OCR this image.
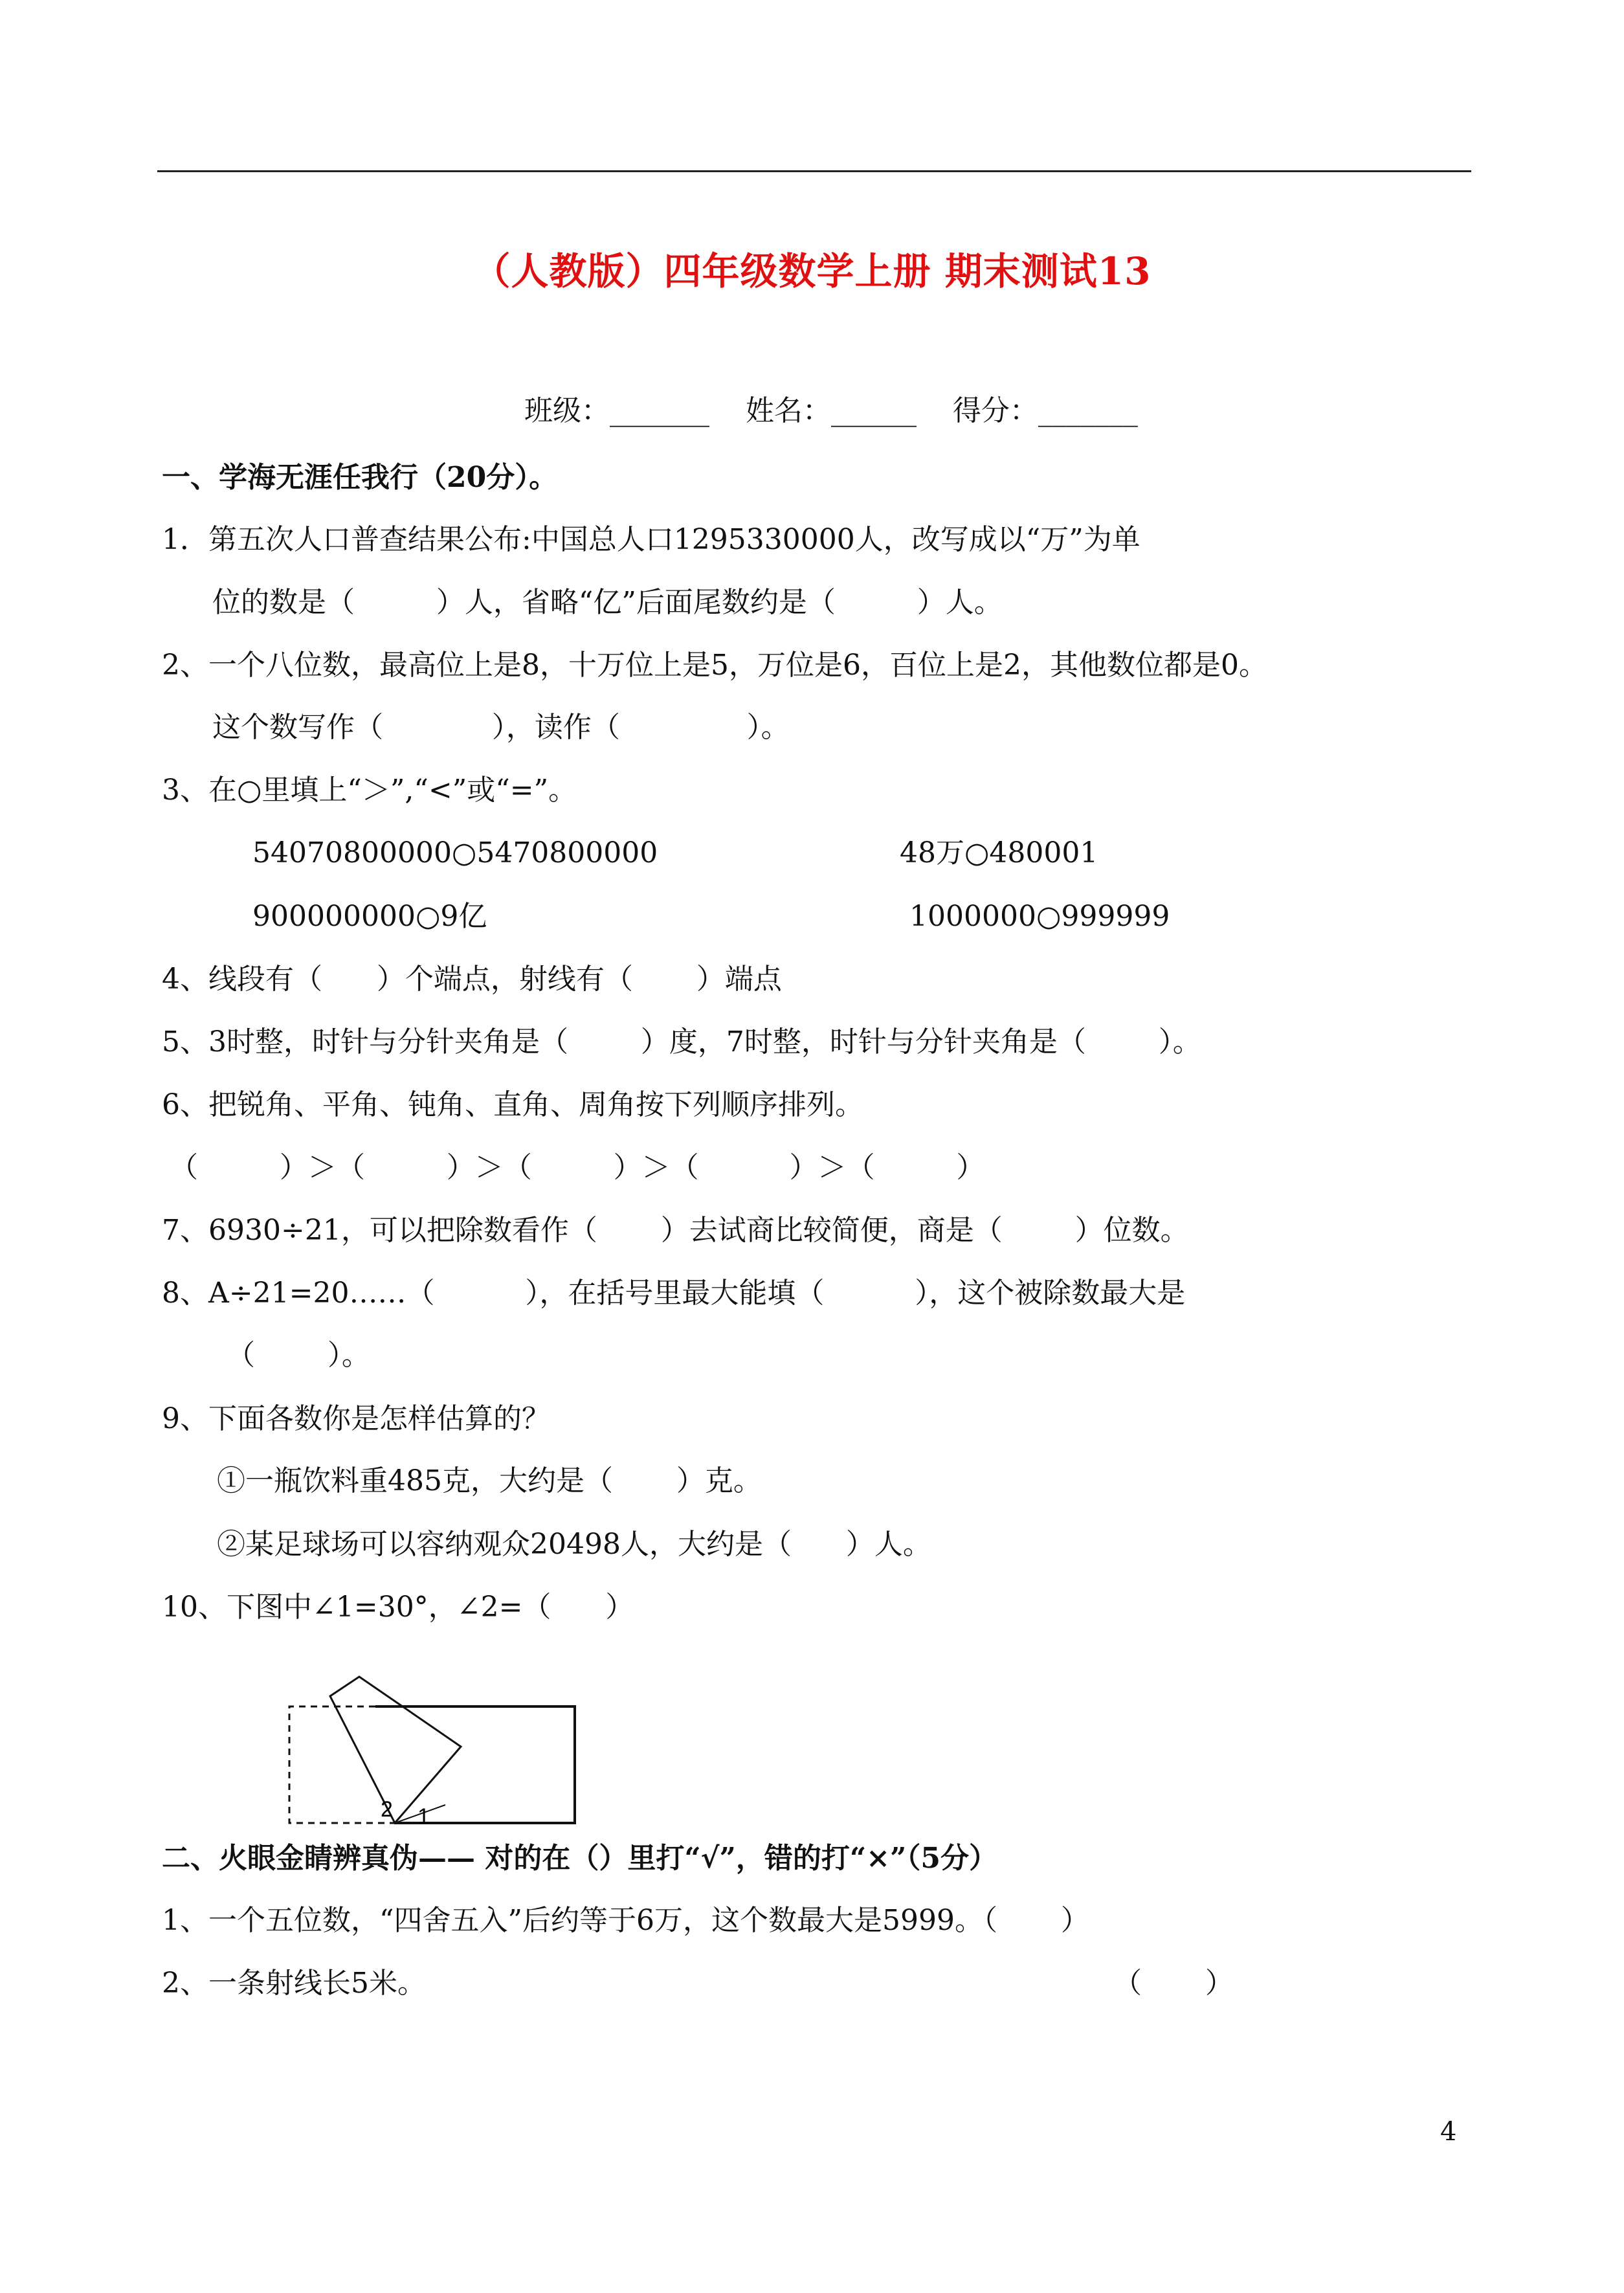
（人教版）四年级数学上册 期末测试13
班级：_______    姓名：______    得分：_______
一、学海无涯任我行（20分）。
1．第五次人口普查结果公布:中国总人口1295330000人，改写成以“万”为单
位的数是（         ）人，省略“亿”后面尾数约是（         ）人。
2、一个八位数，最高位上是8，十万位上是5，万位是6，百位上是2，其他数位都是0。
这个数写作（            ），读作（              ）。
3、在○里填上“＞”,“<”或“=”。
54070800000○5470800000	48万○480001
900000000○9亿	1000000○999999
4、线段有（      ）个端点，射线有（       ）端点
5、3时整，时针与分针夹角是（        ）度，7时整，时针与分针夹角是（        ）。
6、把锐角、平角、钝角、直角、周角按下列顺序排列。
（         ）＞（         ）＞（         ）＞（          ）＞（         ）
7、6930÷21，可以把除数看作（       ）去试商比较简便，商是（        ）位数。
8、A÷21=20……（          ），在括号里最大能填（          ），这个被除数最大是
（        ）。
9、下面各数你是怎样估算的？
①一瓶饮料重485克，大约是（       ）克。
②某足球场可以容纳观众20498人，大约是（      ）人。
10、下图中∠1=30°，∠2=（      ）
2 1
二、火眼金睛辨真伪—— 对的在（）里打“√”，错的打“×”（5分）
1、一个五位数，“四舍五入”后约等于6万，这个数最大是5999。（       ）
2、一条射线长5米。	（       ）
4
